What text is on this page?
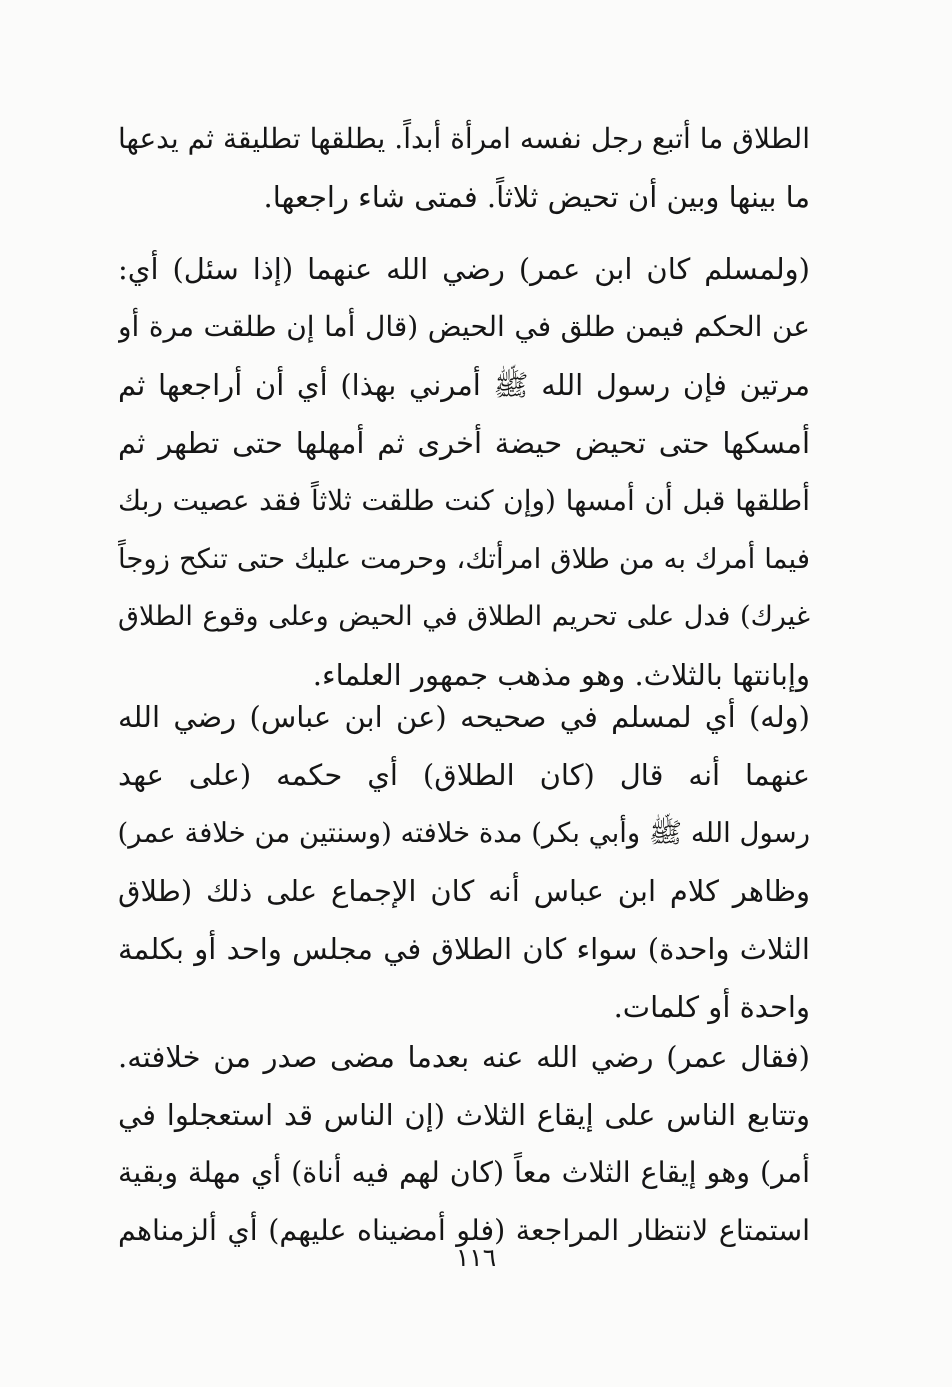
الطلاق ما أتبع رجل نفسه امرأة أبداً. يطلقها تطليقة ثم يدعها
ما بينها وبين أن تحيض ثلاثاً. فمتى شاء راجعها.
(ولمسلم كان ابن عمر) رضي الله عنهما (إذا سئل) أي:
عن الحكم فيمن طلق في الحيض (قال أما إن طلقت مرة أو
مرتين فإن رسول الله ﷺ أمرني بهذا) أي أن أراجعها ثم
أمسكها حتى تحيض حيضة أخرى ثم أمهلها حتى تطهر ثم
أطلقها قبل أن أمسها (وإن كنت طلقت ثلاثاً فقد عصيت ربك
فيما أمرك به من طلاق امرأتك، وحرمت عليك حتى تنكح زوجاً
غيرك) فدل على تحريم الطلاق في الحيض وعلى وقوع الطلاق
وإبانتها بالثلاث. وهو مذهب جمهور العلماء.
(وله) أي لمسلم في صحيحه (عن ابن عباس) رضي الله
عنهما أنه قال (كان الطلاق) أي حكمه (على عهد
رسول الله ﷺ وأبي بكر) مدة خلافته (وسنتين من خلافة عمر)
وظاهر كلام ابن عباس أنه كان الإجماع على ذلك (طلاق
الثلاث واحدة) سواء كان الطلاق في مجلس واحد أو بكلمة
واحدة أو كلمات.
(فقال عمر) رضي الله عنه بعدما مضى صدر من خلافته.
وتتابع الناس على إيقاع الثلاث (إن الناس قد استعجلوا في
أمر) وهو إيقاع الثلاث معاً (كان لهم فيه أناة) أي مهلة وبقية
استمتاع لانتظار المراجعة (فلو أمضيناه عليهم) أي ألزمناهم
١١٦
